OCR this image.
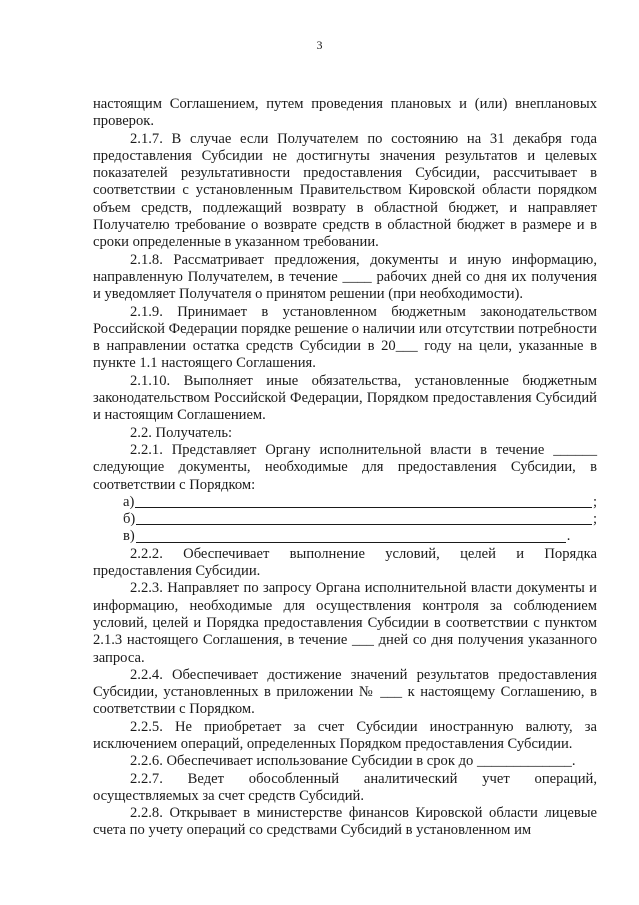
3

настоящим Соглашением, путем проведения плановых и (или) внеплановых проверок.

2.1.7. В случае если Получателем по состоянию на 31 декабря года предоставления Субсидии не достигнуты значения результатов и целевых показателей результативности предоставления Субсидии, рассчитывает в соответствии с установленным Правительством Кировской области порядком объем средств, подлежащий возврату в областной бюджет, и направляет Получателю требование о возврате средств в областной бюджет в размере и в сроки определенные в указанном требовании.

2.1.8. Рассматривает предложения, документы и иную информацию, направленную Получателем, в течение ____ рабочих дней со дня их получения и уведомляет Получателя о принятом решении (при необходимости).

2.1.9. Принимает в установленном бюджетным законодательством Российской Федерации порядке решение о наличии или отсутствии потребности в направлении остатка средств Субсидии в 20___ году на цели, указанные в пункте 1.1 настоящего Соглашения.

2.1.10. Выполняет иные обязательства, установленные бюджетным законодательством Российской Федерации, Порядком предоставления Субсидий и настоящим Соглашением.

2.2. Получатель:

2.2.1. Представляет Органу исполнительной власти в течение ______ следующие документы, необходимые для предоставления Субсидии, в соответствии с Порядком:

а)	;
б)	;
в)	.

2.2.2. Обеспечивает выполнение условий, целей и Порядка предоставления Субсидии.

2.2.3. Направляет по запросу Органа исполнительной власти документы и информацию, необходимые для осуществления контроля за соблюдением условий, целей и Порядка предоставления Субсидии в соответствии с пунктом 2.1.3 настоящего Соглашения, в течение ___ дней со дня получения указанного запроса.

2.2.4. Обеспечивает достижение значений результатов предоставления Субсидии, установленных в приложении № ___ к настоящему Соглашению, в соответствии с Порядком.

2.2.5. Не приобретает за счет Субсидии иностранную валюту, за исключением операций, определенных Порядком предоставления Субсидии.

2.2.6. Обеспечивает использование Субсидии в срок до _____________.

2.2.7. Ведет обособленный аналитический учет операций, осуществляемых за счет средств Субсидий.

2.2.8. Открывает в министерстве финансов Кировской области лицевые счета по учету операций со средствами Субсидий в установленном им
